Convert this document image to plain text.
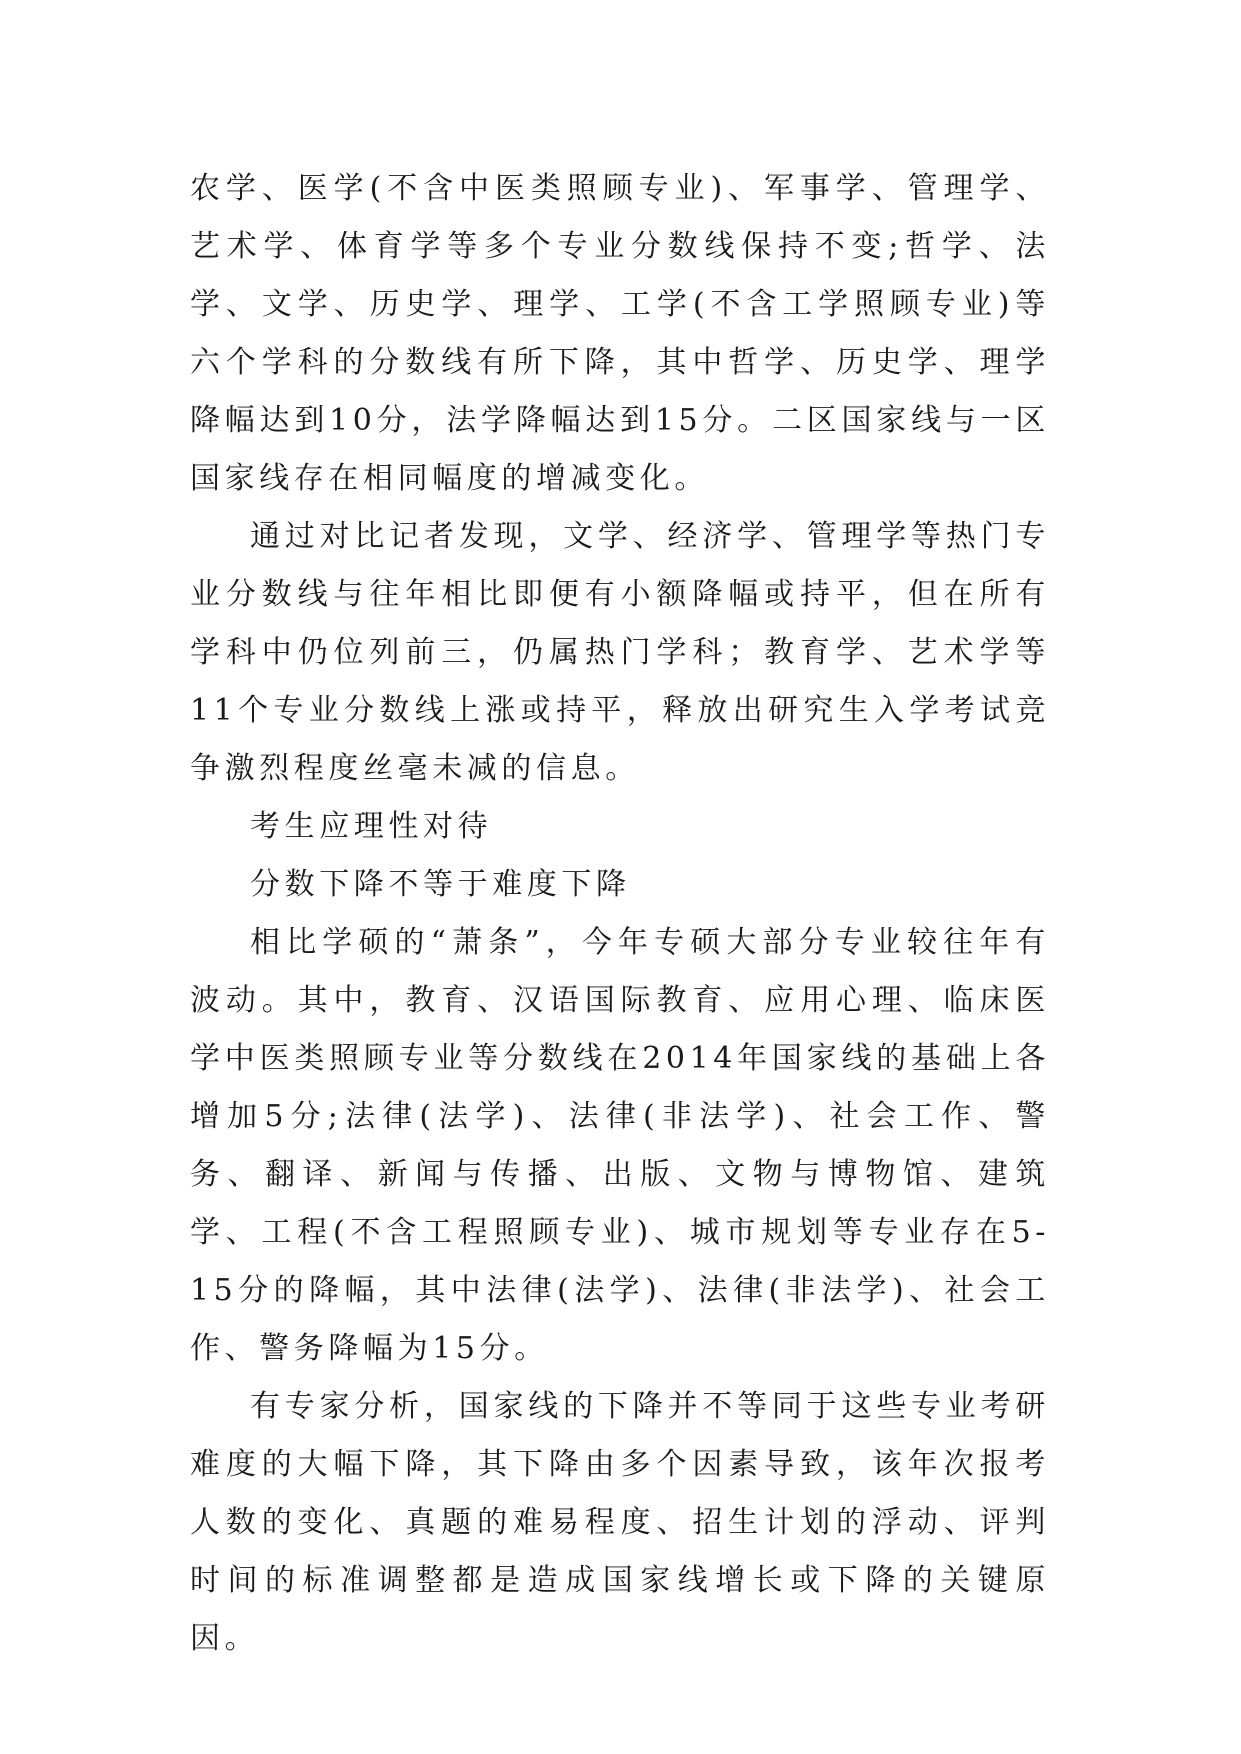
农学、医学(不含中医类照顾专业)、军事学、管理学、艺术学、体育学等多个专业分数线保持不变;哲学、法学、文学、历史学、理学、工学(不含工学照顾专业)等六个学科的分数线有所下降，其中哲学、历史学、理学降幅达到10分，法学降幅达到15分。二区国家线与一区国家线存在相同幅度的增减变化。

通过对比记者发现，文学、经济学、管理学等热门专业分数线与往年相比即便有小额降幅或持平，但在所有学科中仍位列前三，仍属热门学科；教育学、艺术学等11个专业分数线上涨或持平，释放出研究生入学考试竞争激烈程度丝毫未减的信息。

考生应理性对待

分数下降不等于难度下降

相比学硕的“萧条”，今年专硕大部分专业较往年有波动。其中，教育、汉语国际教育、应用心理、临床医学中医类照顾专业等分数线在2014年国家线的基础上各增加5分;法律(法学)、法律(非法学)、社会工作、警务、翻译、新闻与传播、出版、文物与博物馆、建筑学、工程(不含工程照顾专业)、城市规划等专业存在5-15分的降幅，其中法律(法学)、法律(非法学)、社会工作、警务降幅为15分。

有专家分析，国家线的下降并不等同于这些专业考研难度的大幅下降，其下降由多个因素导致，该年次报考人数的变化、真题的难易程度、招生计划的浮动、评判时间的标准调整都是造成国家线增长或下降的关键原因。
